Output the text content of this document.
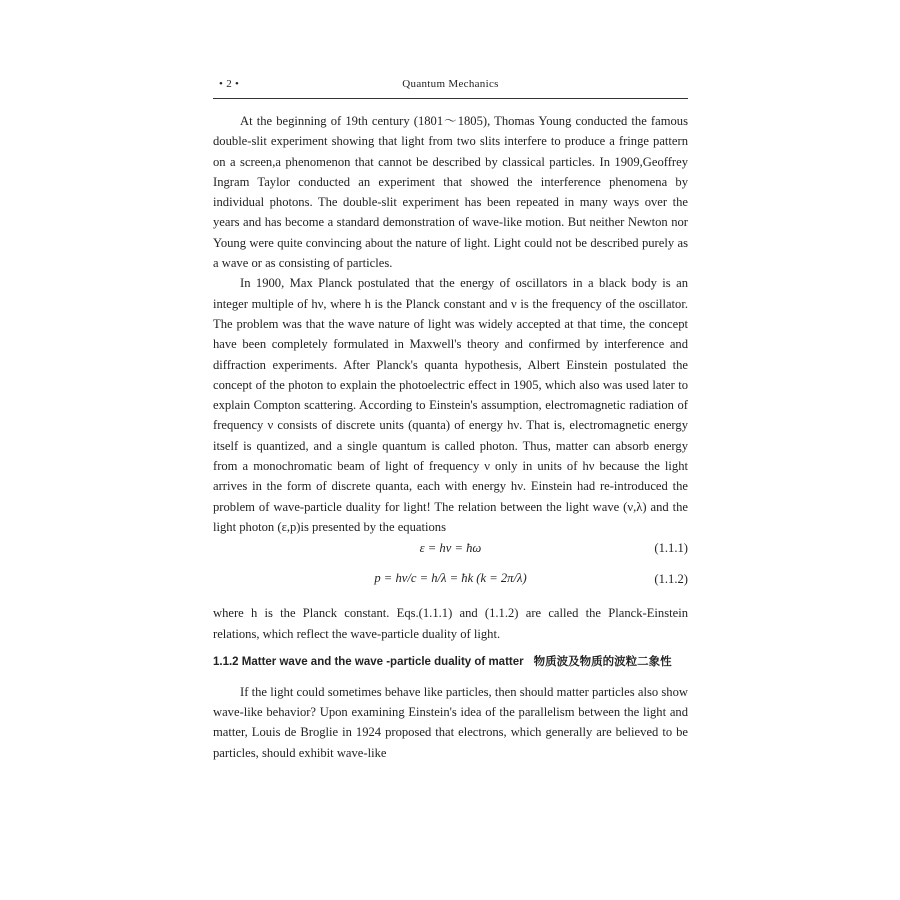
• 2 •	Quantum Mechanics

At the beginning of 19th century (1801～1805), Thomas Young conducted the famous double-slit experiment showing that light from two slits interfere to produce a fringe pattern on a screen,a phenomenon that cannot be described by classical particles. In 1909,Geoffrey Ingram Taylor conducted an experiment that showed the interference phenomena by individual photons. The double-slit experiment has been repeated in many ways over the years and has become a standard demonstration of wave-like motion. But neither Newton nor Young were quite convincing about the nature of light. Light could not be described purely as a wave or as consisting of particles.

In 1900, Max Planck postulated that the energy of oscillators in a black body is an integer multiple of hν, where h is the Planck constant and ν is the frequency of the oscillator. The problem was that the wave nature of light was widely accepted at that time, the concept have been completely formulated in Maxwell's theory and confirmed by interference and diffraction experiments. After Planck's quanta hypothesis, Albert Einstein postulated the concept of the photon to explain the photoelectric effect in 1905, which also was used later to explain Compton scattering. According to Einstein's assumption, electromagnetic radiation of frequency ν consists of discrete units (quanta) of energy hν. That is, electromagnetic energy itself is quantized, and a single quantum is called photon. Thus, matter can absorb energy from a monochromatic beam of light of frequency ν only in units of hν because the light arrives in the form of discrete quanta, each with energy hν. Einstein had re-introduced the problem of wave-particle duality for light! The relation between the light wave (ν,λ) and the light photon (ε,p)is presented by the equations

ε = hν = ħω	(1.1.1)
p = hν/c = h/λ = ħk (k = 2π/λ)	(1.1.2)

where h is the Planck constant. Eqs.(1.1.1) and (1.1.2) are called the Planck-Einstein relations, which reflect the wave-particle duality of light.

1.1.2 Matter wave and the wave -particle duality of matter 物质波及物质的波粒二象性

If the light could sometimes behave like particles, then should matter particles also show wave-like behavior? Upon examining Einstein's idea of the parallelism between the light and matter, Louis de Broglie in 1924 proposed that electrons, which generally are believed to be particles, should exhibit wave-like
